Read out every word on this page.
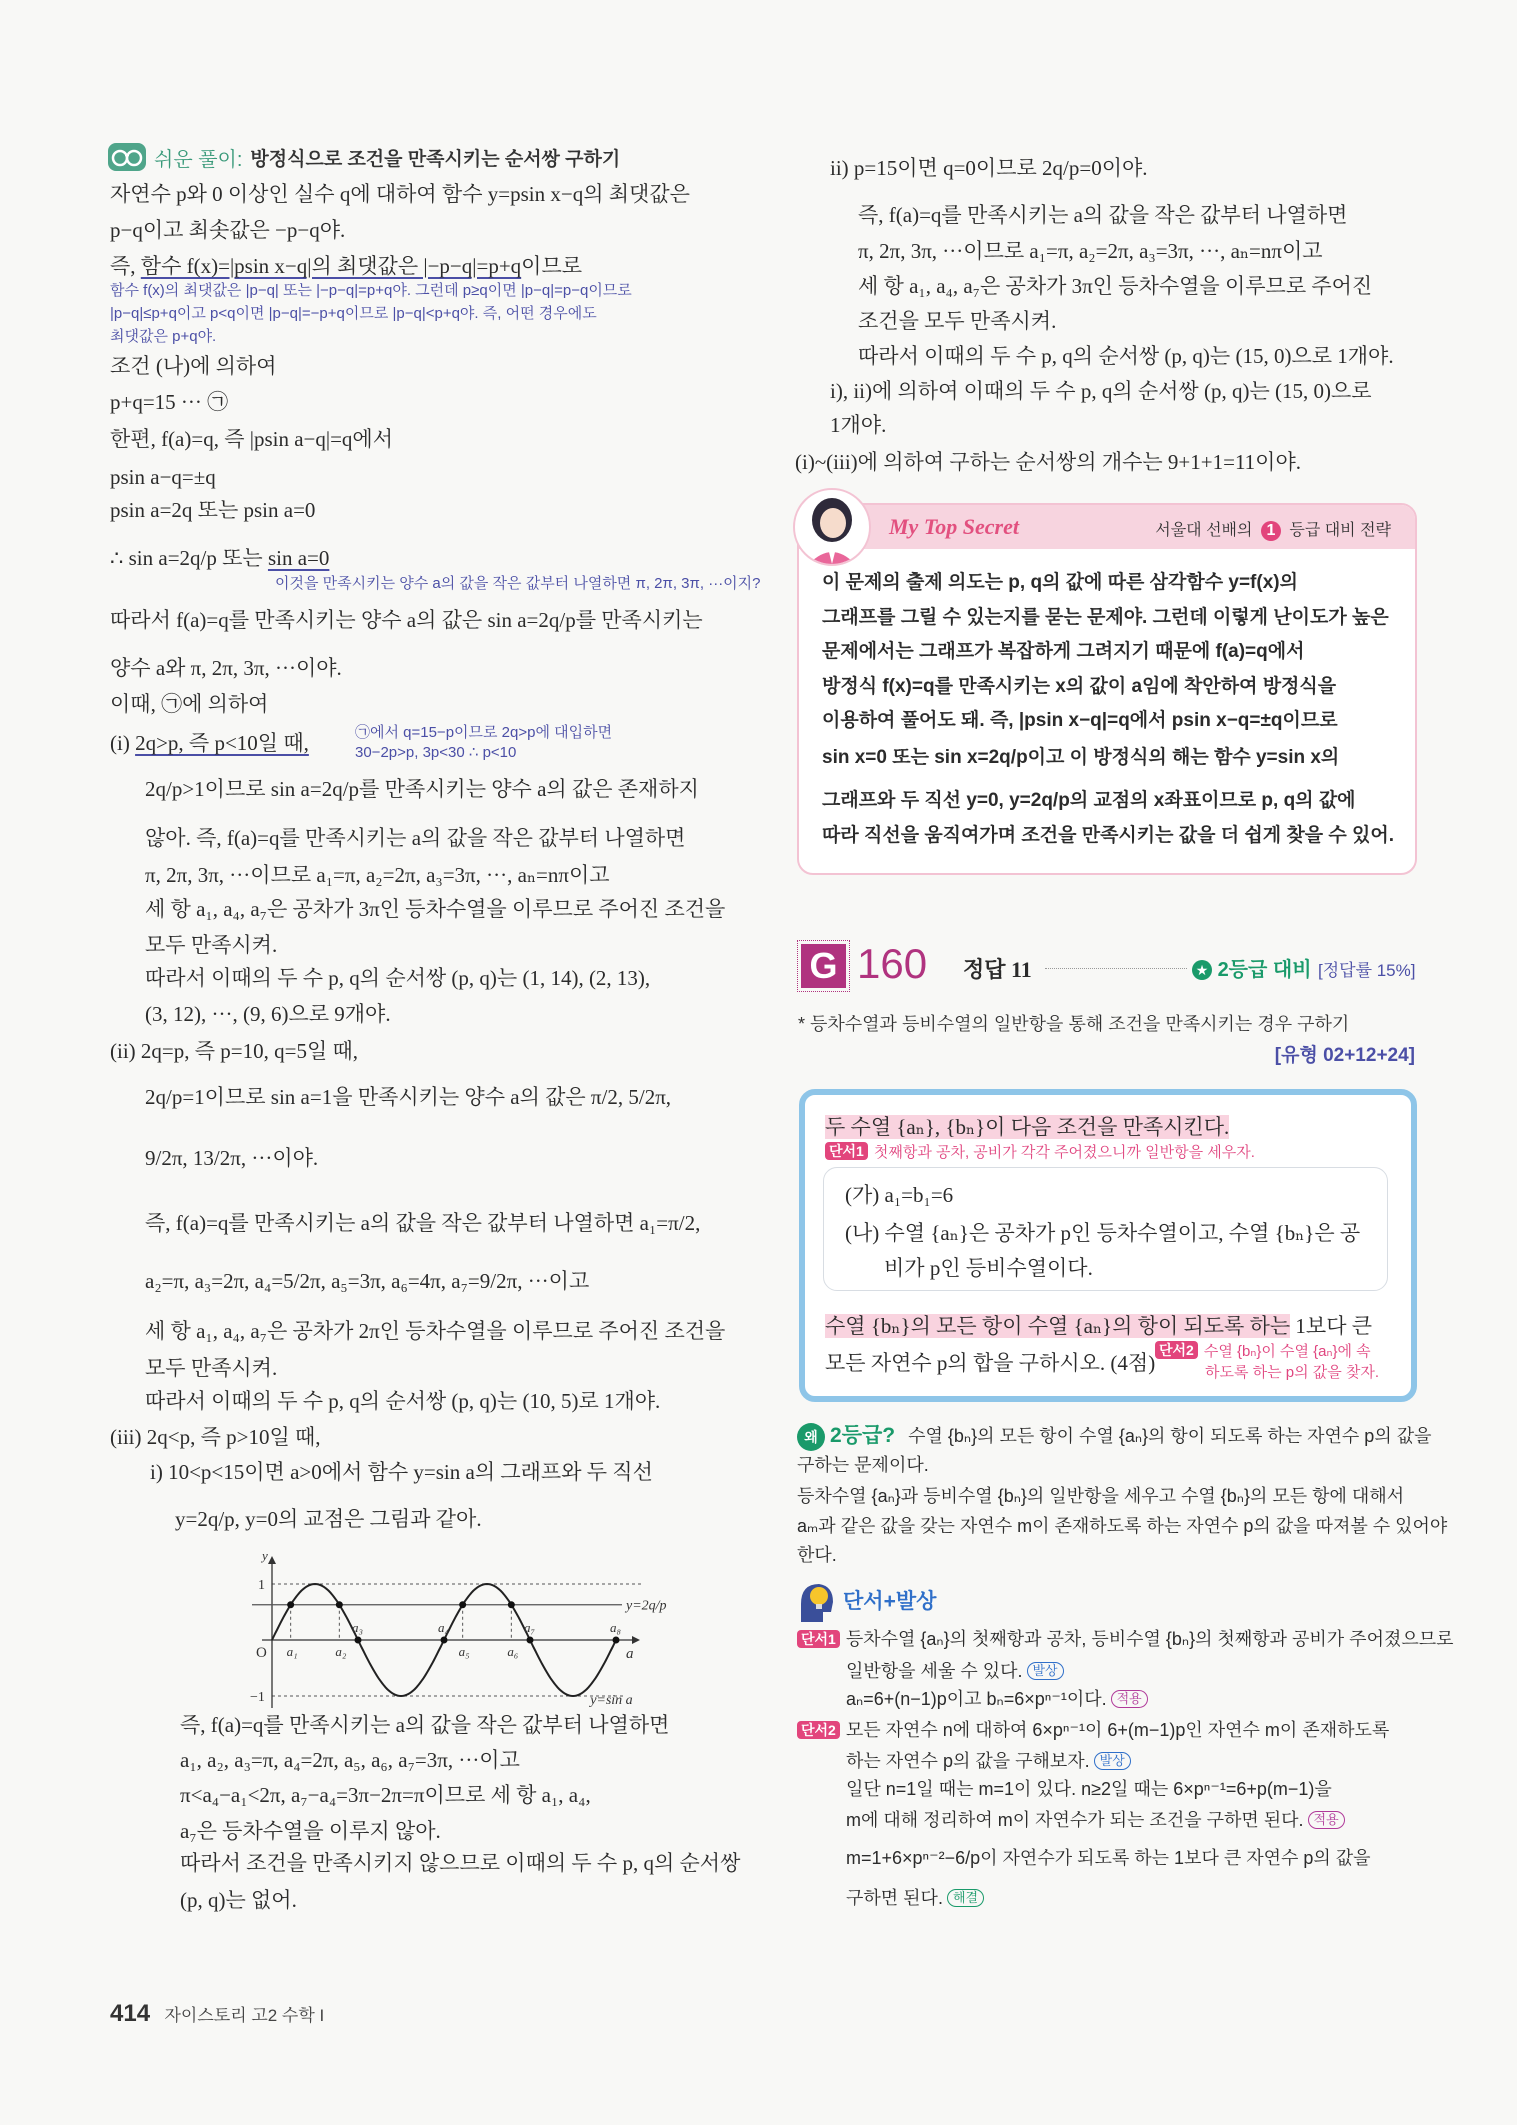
쉬운 풀이: 방정식으로 조건을 만족시키는 순서쌍 구하기
자연수 p와 0 이상인 실수 q에 대하여 함수 y=psin x−q의 최댓값은
p−q이고 최솟값은 −p−q야.
즉, 함수 f(x)=|psin x−q|의 최댓값은 |−p−q|=p+q이므로
함수 f(x)의 최댓값은 |p−q| 또는 |−p−q|=p+q야. 그런데 p≥q이면 |p−q|=p−q이므로
|p−q|≤p+q이고 p<q이면 |p−q|=−p+q이므로 |p−q|<p+q야. 즉, 어떤 경우에도
최댓값은 p+q야.
조건 (나)에 의하여
p+q=15 ··· ㉠
한편, f(a)=q, 즉 |psin a−q|=q에서
psin a−q=±q
psin a=2q 또는 psin a=0
∴ sin a=2q/p 또는 sin a=0
이것을 만족시키는 양수 a의 값을 작은 값부터 나열하면 π, 2π, 3π, ···이지?
따라서 f(a)=q를 만족시키는 양수 a의 값은 sin a=2q/p를 만족시키는
양수 a와 π, 2π, 3π, ···이야.
이때, ㉠에 의하여
(i) 2q>p, 즉 p<10일 때,	㉠에서 q=15−p이므로 2q>p에 대입하면
30−2p>p, 3p<30 ∴ p<10
2q/p>1이므로 sin a=2q/p를 만족시키는 양수 a의 값은 존재하지
않아. 즉, f(a)=q를 만족시키는 a의 값을 작은 값부터 나열하면
π, 2π, 3π, ···이므로 a₁=π, a₂=2π, a₃=3π, ···, aₙ=nπ이고
세 항 a₁, a₄, a₇은 공차가 3π인 등차수열을 이루므로 주어진 조건을
모두 만족시켜.
따라서 이때의 두 수 p, q의 순서쌍 (p, q)는 (1, 14), (2, 13),
(3, 12), ···, (9, 6)으로 9개야.
(ii) 2q=p, 즉 p=10, q=5일 때,
2q/p=1이므로 sin a=1을 만족시키는 양수 a의 값은 π/2, 5/2π,
9/2π, 13/2π, ···이야.
즉, f(a)=q를 만족시키는 a의 값을 작은 값부터 나열하면 a₁=π/2,
a₂=π, a₃=2π, a₄=5/2π, a₅=3π, a₆=4π, a₇=9/2π, ···이고
세 항 a₁, a₄, a₇은 공차가 2π인 등차수열을 이루므로 주어진 조건을
모두 만족시켜.
따라서 이때의 두 수 p, q의 순서쌍 (p, q)는 (10, 5)로 1개야.
(iii) 2q<p, 즉 p>10일 때,
i) 10<p<15이면 a>0에서 함수 y=sin a의 그래프와 두 직선
y=2q/p, y=0의 교점은 그림과 같아.
a₁	a₂
a₃	a₄
a₅	a₆
a₇	a₈
y
1
−1
O	a
y=2q/p
y=sin a
즉, f(a)=q를 만족시키는 a의 값을 작은 값부터 나열하면
a₁, a₂, a₃=π, a₄=2π, a₅, a₆, a₇=3π, ···이고
π<a₄−a₁<2π, a₇−a₄=3π−2π=π이므로 세 항 a₁, a₄,
a₇은 등차수열을 이루지 않아.
따라서 조건을 만족시키지 않으므로 이때의 두 수 p, q의 순서쌍
(p, q)는 없어.
ii) p=15이면 q=0이므로 2q/p=0이야.
즉, f(a)=q를 만족시키는 a의 값을 작은 값부터 나열하면
π, 2π, 3π, ···이므로 a₁=π, a₂=2π, a₃=3π, ···, aₙ=nπ이고
세 항 a₁, a₄, a₇은 공차가 3π인 등차수열을 이루므로 주어진
조건을 모두 만족시켜.
따라서 이때의 두 수 p, q의 순서쌍 (p, q)는 (15, 0)으로 1개야.
i), ii)에 의하여 이때의 두 수 p, q의 순서쌍 (p, q)는 (15, 0)으로
1개야.
(i)~(iii)에 의하여 구하는 순서쌍의 개수는 9+1+1=11이야.
My Top Secret	서울대 선배의 1 등급 대비 전략
이 문제의 출제 의도는 p, q의 값에 따른 삼각함수 y=f(x)의
그래프를 그릴 수 있는지를 묻는 문제야. 그런데 이렇게 난이도가 높은
문제에서는 그래프가 복잡하게 그려지기 때문에 f(a)=q에서
방정식 f(x)=q를 만족시키는 x의 값이 a임에 착안하여 방정식을
이용하여 풀어도 돼. 즉, |psin x−q|=q에서 psin x−q=±q이므로
sin x=0 또는 sin x=2q/p이고 이 방정식의 해는 함수 y=sin x의
그래프와 두 직선 y=0, y=2q/p의 교점의 x좌표이므로 p, q의 값에
따라 직선을 움직여가며 조건을 만족시키는 값을 더 쉽게 찾을 수 있어.
G 160 정답 11	★ 2등급 대비 [정답률 15%]
* 등차수열과 등비수열의 일반항을 통해 조건을 만족시키는 경우 구하기
[유형 02+12+24]
두 수열 {aₙ}, {bₙ}이 다음 조건을 만족시킨다.
단서1 첫째항과 공차, 공비가 각각 주어졌으니까 일반항을 세우자.
(가) a₁=b₁=6
(나) 수열 {aₙ}은 공차가 p인 등차수열이고, 수열 {bₙ}은 공
비가 p인 등비수열이다.
수열 {bₙ}의 모든 항이 수열 {aₙ}의 항이 되도록 하는 1보다 큰
모든 자연수 p의 합을 구하시오. (4점)
단서2 수열 {bₙ}이 수열 {aₙ}에 속
하도록 하는 p의 값을 찾자.
왜 2등급? 수열 {bₙ}의 모든 항이 수열 {aₙ}의 항이 되도록 하는 자연수 p의 값을
구하는 문제이다.
등차수열 {aₙ}과 등비수열 {bₙ}의 일반항을 세우고 수열 {bₙ}의 모든 항에 대해서
aₘ과 같은 값을 갖는 자연수 m이 존재하도록 하는 자연수 p의 값을 따져볼 수 있어야
한다.
단서+발상
단서1 등차수열 {aₙ}의 첫째항과 공차, 등비수열 {bₙ}의 첫째항과 공비가 주어졌으므로
일반항을 세울 수 있다. 발상
aₙ=6+(n−1)p이고 bₙ=6×pⁿ⁻¹이다. 적용
단서2 모든 자연수 n에 대하여 6×pⁿ⁻¹이 6+(m−1)p인 자연수 m이 존재하도록
하는 자연수 p의 값을 구해보자. 발상
일단 n=1일 때는 m=1이 있다. n≥2일 때는 6×pⁿ⁻¹=6+p(m−1)을
m에 대해 정리하여 m이 자연수가 되는 조건을 구하면 된다. 적용
m=1+6×pⁿ⁻²−6/p이 자연수가 되도록 하는 1보다 큰 자연수 p의 값을
구하면 된다. 해결
414 자이스토리 고2 수학 I
